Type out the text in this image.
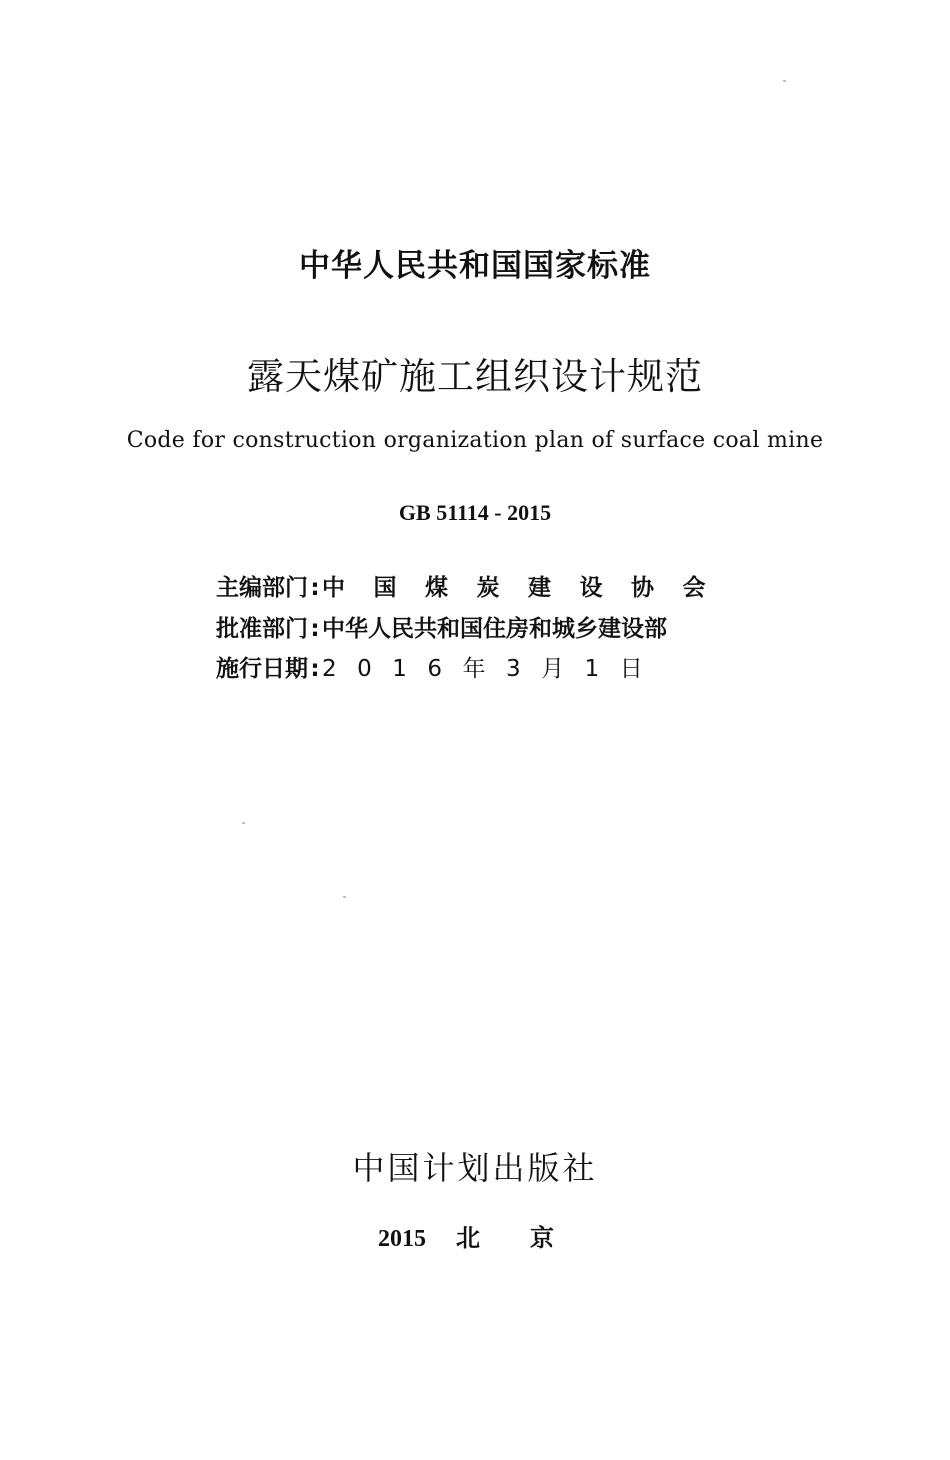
中华人民共和国国家标准
露天煤矿施工组织设计规范
Code for construction organization plan of surface coal mine
GB 51114 - 2015
主编部门 : 中国煤炭建设协会
批准部门 : 中华人民共和国住房和城乡建设部
施行日期 : 2016年3月1日
中国计划出版社
2015 北京
